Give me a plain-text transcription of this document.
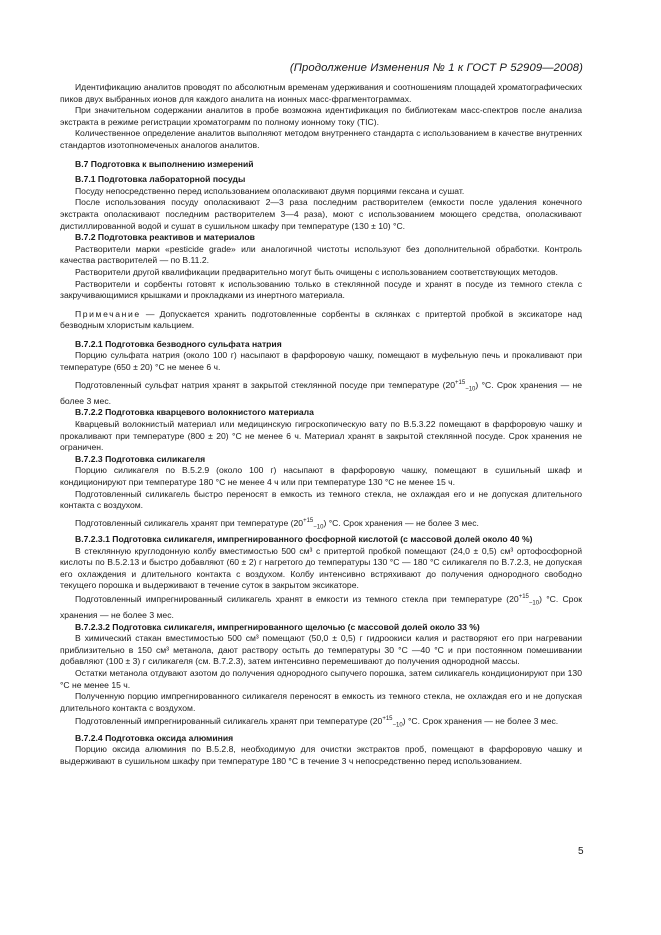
(Продолжение Изменения № 1 к ГОСТ Р 52909—2008)

Идентификацию аналитов проводят по абсолютным временам удерживания и соотношениям площадей хроматографических пиков двух выбранных ионов для каждого аналита на ионных масс-фрагментограммах.

При значительном содержании аналитов в пробе возможна идентификация по библиотекам масс-спектров после анализа экстракта в режиме регистрации хроматограмм по полному ионному току (TIC).

Количественное определение аналитов выполняют методом внутреннего стандарта с использованием в качестве внутренних стандартов изотопномеченых аналогов аналитов.

В.7 Подготовка к выполнению измерений

В.7.1 Подготовка лабораторной посуды

Посуду непосредственно перед использованием ополаскивают двумя порциями гексана и сушат.

После использования посуду ополаскивают 2—3 раза последним растворителем (емкости после удаления конечного экстракта ополаскивают последним растворителем 3—4 раза), моют с использованием моющего средства, ополаскивают дистиллированной водой и сушат в сушильном шкафу при температуре (130 ± 10) °С.

В.7.2 Подготовка реактивов и материалов

Растворители марки «pesticide grade» или аналогичной чистоты используют без дополнительной обработки. Контроль качества растворителей — по В.11.2.

Растворители другой квалификации предварительно могут быть очищены с использованием соответствующих методов.

Растворители и сорбенты готовят к использованию только в стеклянной посуде и хранят в посуде из темного стекла с закручивающимися крышками и прокладками из инертного материала.

Примечание — Допускается хранить подготовленные сорбенты в склянках с притертой пробкой в эксикаторе над безводным хлористым кальцием.

В.7.2.1 Подготовка безводного сульфата натрия

Порцию сульфата натрия (около 100 г) насыпают в фарфоровую чашку, помещают в муфельную печь и прокаливают при температуре (650 ± 20) °С не менее 6 ч.

Подготовленный сульфат натрия хранят в закрытой стеклянной посуде при температуре $(20^{+15}_{-10})$ °С. Срок хранения — не более 3 мес.

В.7.2.2 Подготовка кварцевого волокнистого материала

Кварцевый волокнистый материал или медицинскую гигроскопическую вату по В.5.3.22 помещают в фарфоровую чашку и прокаливают при температуре (800 ± 20) °С не менее 6 ч. Материал хранят в закрытой стеклянной посуде. Срок хранения не ограничен.

В.7.2.3 Подготовка силикагеля

Порцию силикагеля по В.5.2.9 (около 100 г) насыпают в фарфоровую чашку, помещают в сушильный шкаф и кондиционируют при температуре 180 °С не менее 4 ч или при температуре 130 °С не менее 15 ч.

Подготовленный силикагель быстро переносят в емкость из темного стекла, не охлаждая его и не допуская длительного контакта с воздухом.

Подготовленный силикагель хранят при температуре $(20^{+15}_{-10})$ °С. Срок хранения — не более 3 мес.

В.7.2.3.1 Подготовка силикагеля, импрегнированного фосфорной кислотой (с массовой долей около 40 %)

В стеклянную круглодонную колбу вместимостью 500 см³ с притертой пробкой помещают (24,0 ± 0,5) см³ ортофосфорной кислоты по В.5.2.13 и быстро добавляют (60 ± 2) г нагретого до температуры 130 °С — 180 °С силикагеля по В.7.2.3, не допуская его охлаждения и длительного контакта с воздухом. Колбу интенсивно встряхивают до получения однородного свободно текущего порошка и выдерживают в течение суток в закрытом эксикаторе.

Подготовленный импрегнированный силикагель хранят в емкости из темного стекла при температуре $(20^{+15}_{-10})$ °С. Срок хранения — не более 3 мес.

В.7.2.3.2 Подготовка силикагеля, импрегнированного щелочью (с массовой долей около 33 %)

В химический стакан вместимостью 500 см³ помещают (50,0 ± 0,5) г гидроокиси калия и растворяют его при нагревании приблизительно в 150 см³ метанола, дают раствору остыть до температуры 30 °С —40 °С и при постоянном помешивании добавляют (100 ± 3) г силикагеля (см. В.7.2.3), затем интенсивно перемешивают до получения однородной массы.

Остатки метанола отдувают азотом до получения однородного сыпучего порошка, затем силикагель кондиционируют при 130 °С не менее 15 ч.

Полученную порцию импрегнированного силикагеля переносят в емкость из темного стекла, не охлаждая его и не допуская длительного контакта с воздухом.

Подготовленный импрегнированный силикагель хранят при температуре $(20^{+15}_{-10})$ °С. Срок хранения — не более 3 мес.

В.7.2.4 Подготовка оксида алюминия

Порцию оксида алюминия по В.5.2.8, необходимую для очистки экстрактов проб, помещают в фарфоровую чашку и выдерживают в сушильном шкафу при температуре 180 °С в течение 3 ч непосредственно перед использованием.

5
